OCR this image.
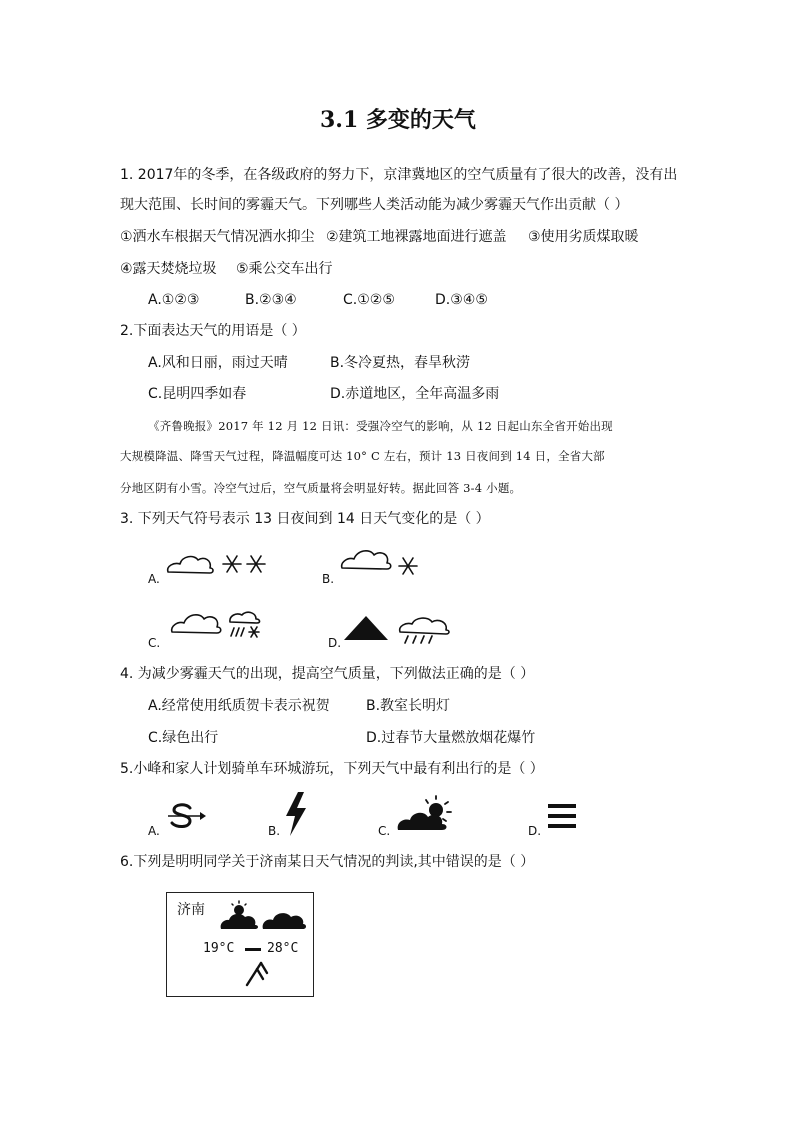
3.1 多变的天气
1. 2017年的冬季，在各级政府的努力下，京津冀地区的空气质量有了很大的改善，没有出
现大范围、长时间的雾霾天气。下列哪些人类活动能为减少雾霾天气作出贡献（ ）
①洒水车根据天气情况洒水抑尘 ②建筑工地裸露地面进行遮盖 ③使用劣质煤取暖
④露天焚烧垃圾 ⑤乘公交车出行
A.①②③	B.②③④	C.①②⑤	D.③④⑤
2.下面表达天气的用语是（ ）
A.风和日丽，雨过天晴	B.冬冷夏热，春旱秋涝
C.昆明四季如春	D.赤道地区，全年高温多雨
《齐鲁晚报》2017 年 12 月 12 日讯：受强冷空气的影响，从 12 日起山东全省开始出现
大规模降温、降雪天气过程，降温幅度可达 10° C 左右，预计 13 日夜间到 14 日，全省大部
分地区阴有小雪。冷空气过后，空气质量将会明显好转。据此回答 3-4 小题。
3. 下列天气符号表示 13 日夜间到 14 日天气变化的是（ ）
A.	B.
C.	D.
4. 为减少雾霾天气的出现，提高空气质量，下列做法正确的是（ ）
A.经常使用纸质贺卡表示祝贺	B.教室长明灯
C.绿色出行	D.过春节大量燃放烟花爆竹
5.小峰和家人计划骑单车环城游玩，下列天气中最有利出行的是（ ）
A.	B.	C.	D.
6.下列是明明同学关于济南某日天气情况的判读,其中错误的是（ ）
济南
19°C	28°C
